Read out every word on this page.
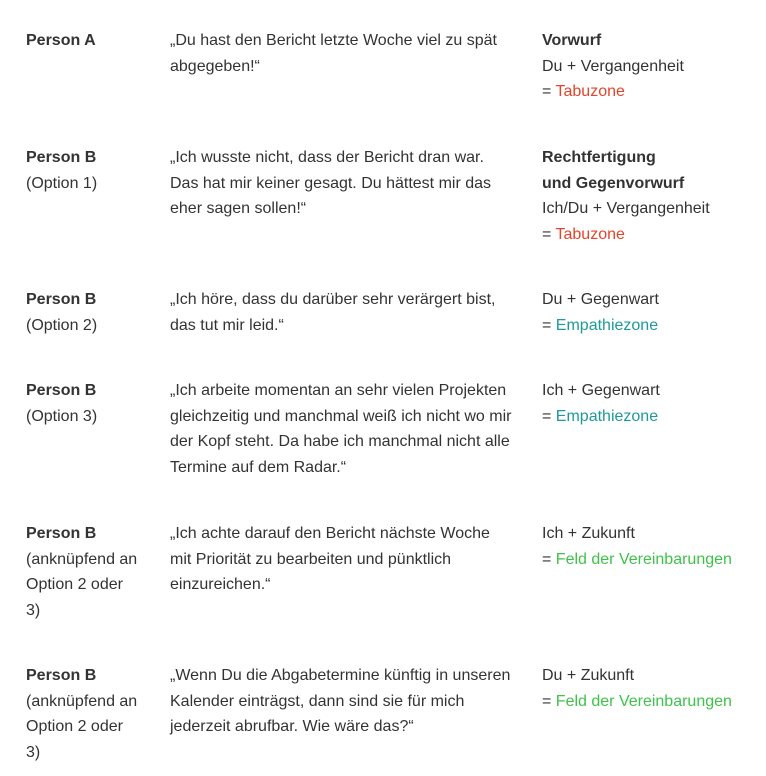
Person A	„Du hast den Bericht letzte Woche viel zu spät
abgegeben!“
Vorwurf
Du + Vergangenheit
= Tabuzone
Person B
(Option 1)
„Ich wusste nicht, dass der Bericht dran war.
Das hat mir keiner gesagt. Du hättest mir das
eher sagen sollen!“
Rechtfertigung
und Gegenvorwurf
Ich/Du + Vergangenheit
= Tabuzone
Person B
(Option 2)
„Ich höre, dass du darüber sehr verärgert bist,
das tut mir leid.“
Du + Gegenwart
= Empathiezone
Person B
(Option 3)
„Ich arbeite momentan an sehr vielen Projekten
gleichzeitig und manchmal weiß ich nicht wo mir
der Kopf steht. Da habe ich manchmal nicht alle
Termine auf dem Radar.“
Ich + Gegenwart
= Empathiezone
Person B
(anknüpfend an
Option 2 oder
3)
„Ich achte darauf den Bericht nächste Woche
mit Priorität zu bearbeiten und pünktlich
einzureichen.“
Ich + Zukunft
= Feld der Vereinbarungen
Person B
(anknüpfend an
Option 2 oder
3)
„Wenn Du die Abgabetermine künftig in unseren
Kalender einträgst, dann sind sie für mich
jederzeit abrufbar. Wie wäre das?“
Du + Zukunft
= Feld der Vereinbarungen
